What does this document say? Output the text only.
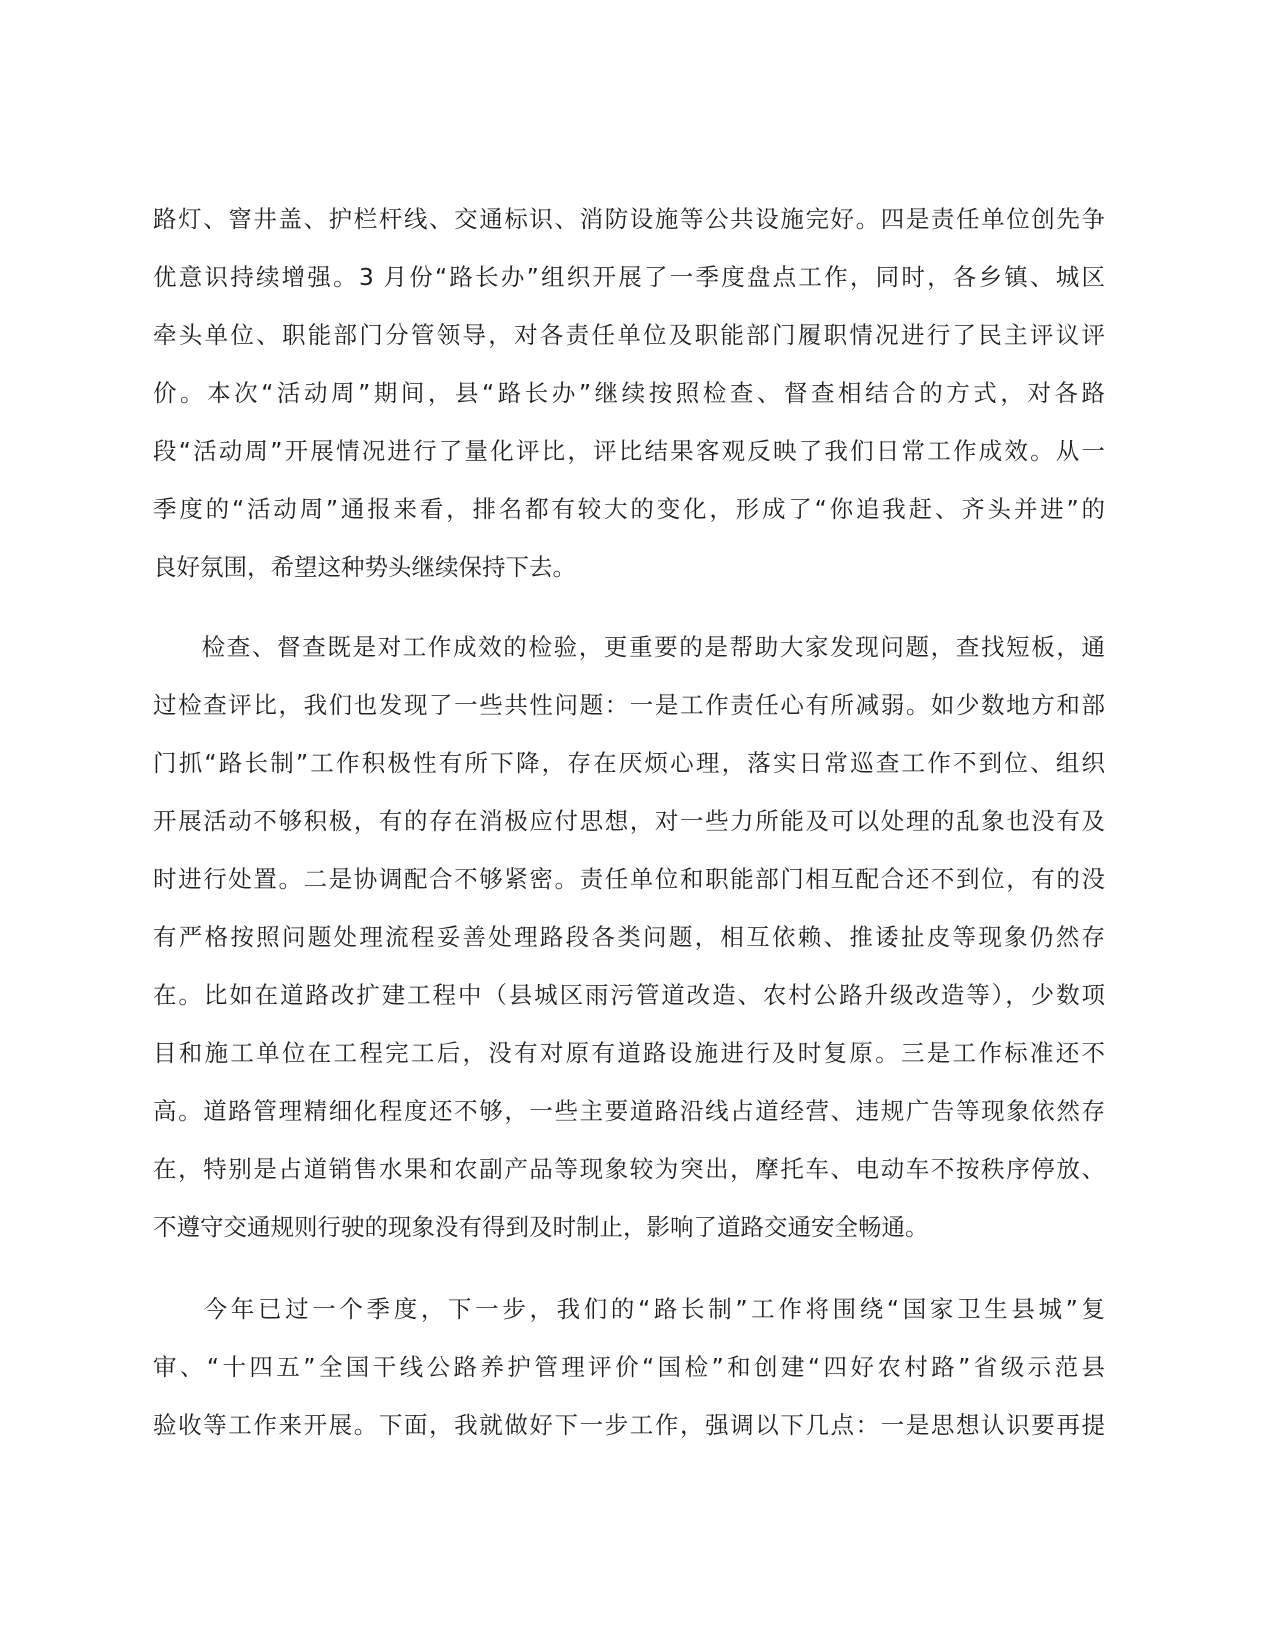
路灯、窨井盖、护栏杆线、交通标识、消防设施等公共设施完好。四是责任单位创先争
优意识持续增强。3 月份“路长办”组织开展了一季度盘点工作，同时，各乡镇、城区
牵头单位、职能部门分管领导，对各责任单位及职能部门履职情况进行了民主评议评
价。本次“活动周”期间，县“路长办”继续按照检查、督查相结合的方式，对各路
段“活动周”开展情况进行了量化评比，评比结果客观反映了我们日常工作成效。从一
季度的“活动周”通报来看，排名都有较大的变化，形成了“你追我赶、齐头并进”的
良好氛围，希望这种势头继续保持下去。
检查、督查既是对工作成效的检验，更重要的是帮助大家发现问题，查找短板，通
过检查评比，我们也发现了一些共性问题：一是工作责任心有所减弱。如少数地方和部
门抓“路长制”工作积极性有所下降，存在厌烦心理，落实日常巡查工作不到位、组织
开展活动不够积极，有的存在消极应付思想，对一些力所能及可以处理的乱象也没有及
时进行处置。二是协调配合不够紧密。责任单位和职能部门相互配合还不到位，有的没
有严格按照问题处理流程妥善处理路段各类问题，相互依赖、推诿扯皮等现象仍然存
在。比如在道路改扩建工程中（县城区雨污管道改造、农村公路升级改造等），少数项
目和施工单位在工程完工后，没有对原有道路设施进行及时复原。三是工作标准还不
高。道路管理精细化程度还不够，一些主要道路沿线占道经营、违规广告等现象依然存
在，特别是占道销售水果和农副产品等现象较为突出，摩托车、电动车不按秩序停放、
不遵守交通规则行驶的现象没有得到及时制止，影响了道路交通安全畅通。
今年已过一个季度，下一步，我们的“路长制”工作将围绕“国家卫生县城”复
审、“十四五”全国干线公路养护管理评价“国检”和创建“四好农村路”省级示范县
验收等工作来开展。下面，我就做好下一步工作，强调以下几点：一是思想认识要再提
